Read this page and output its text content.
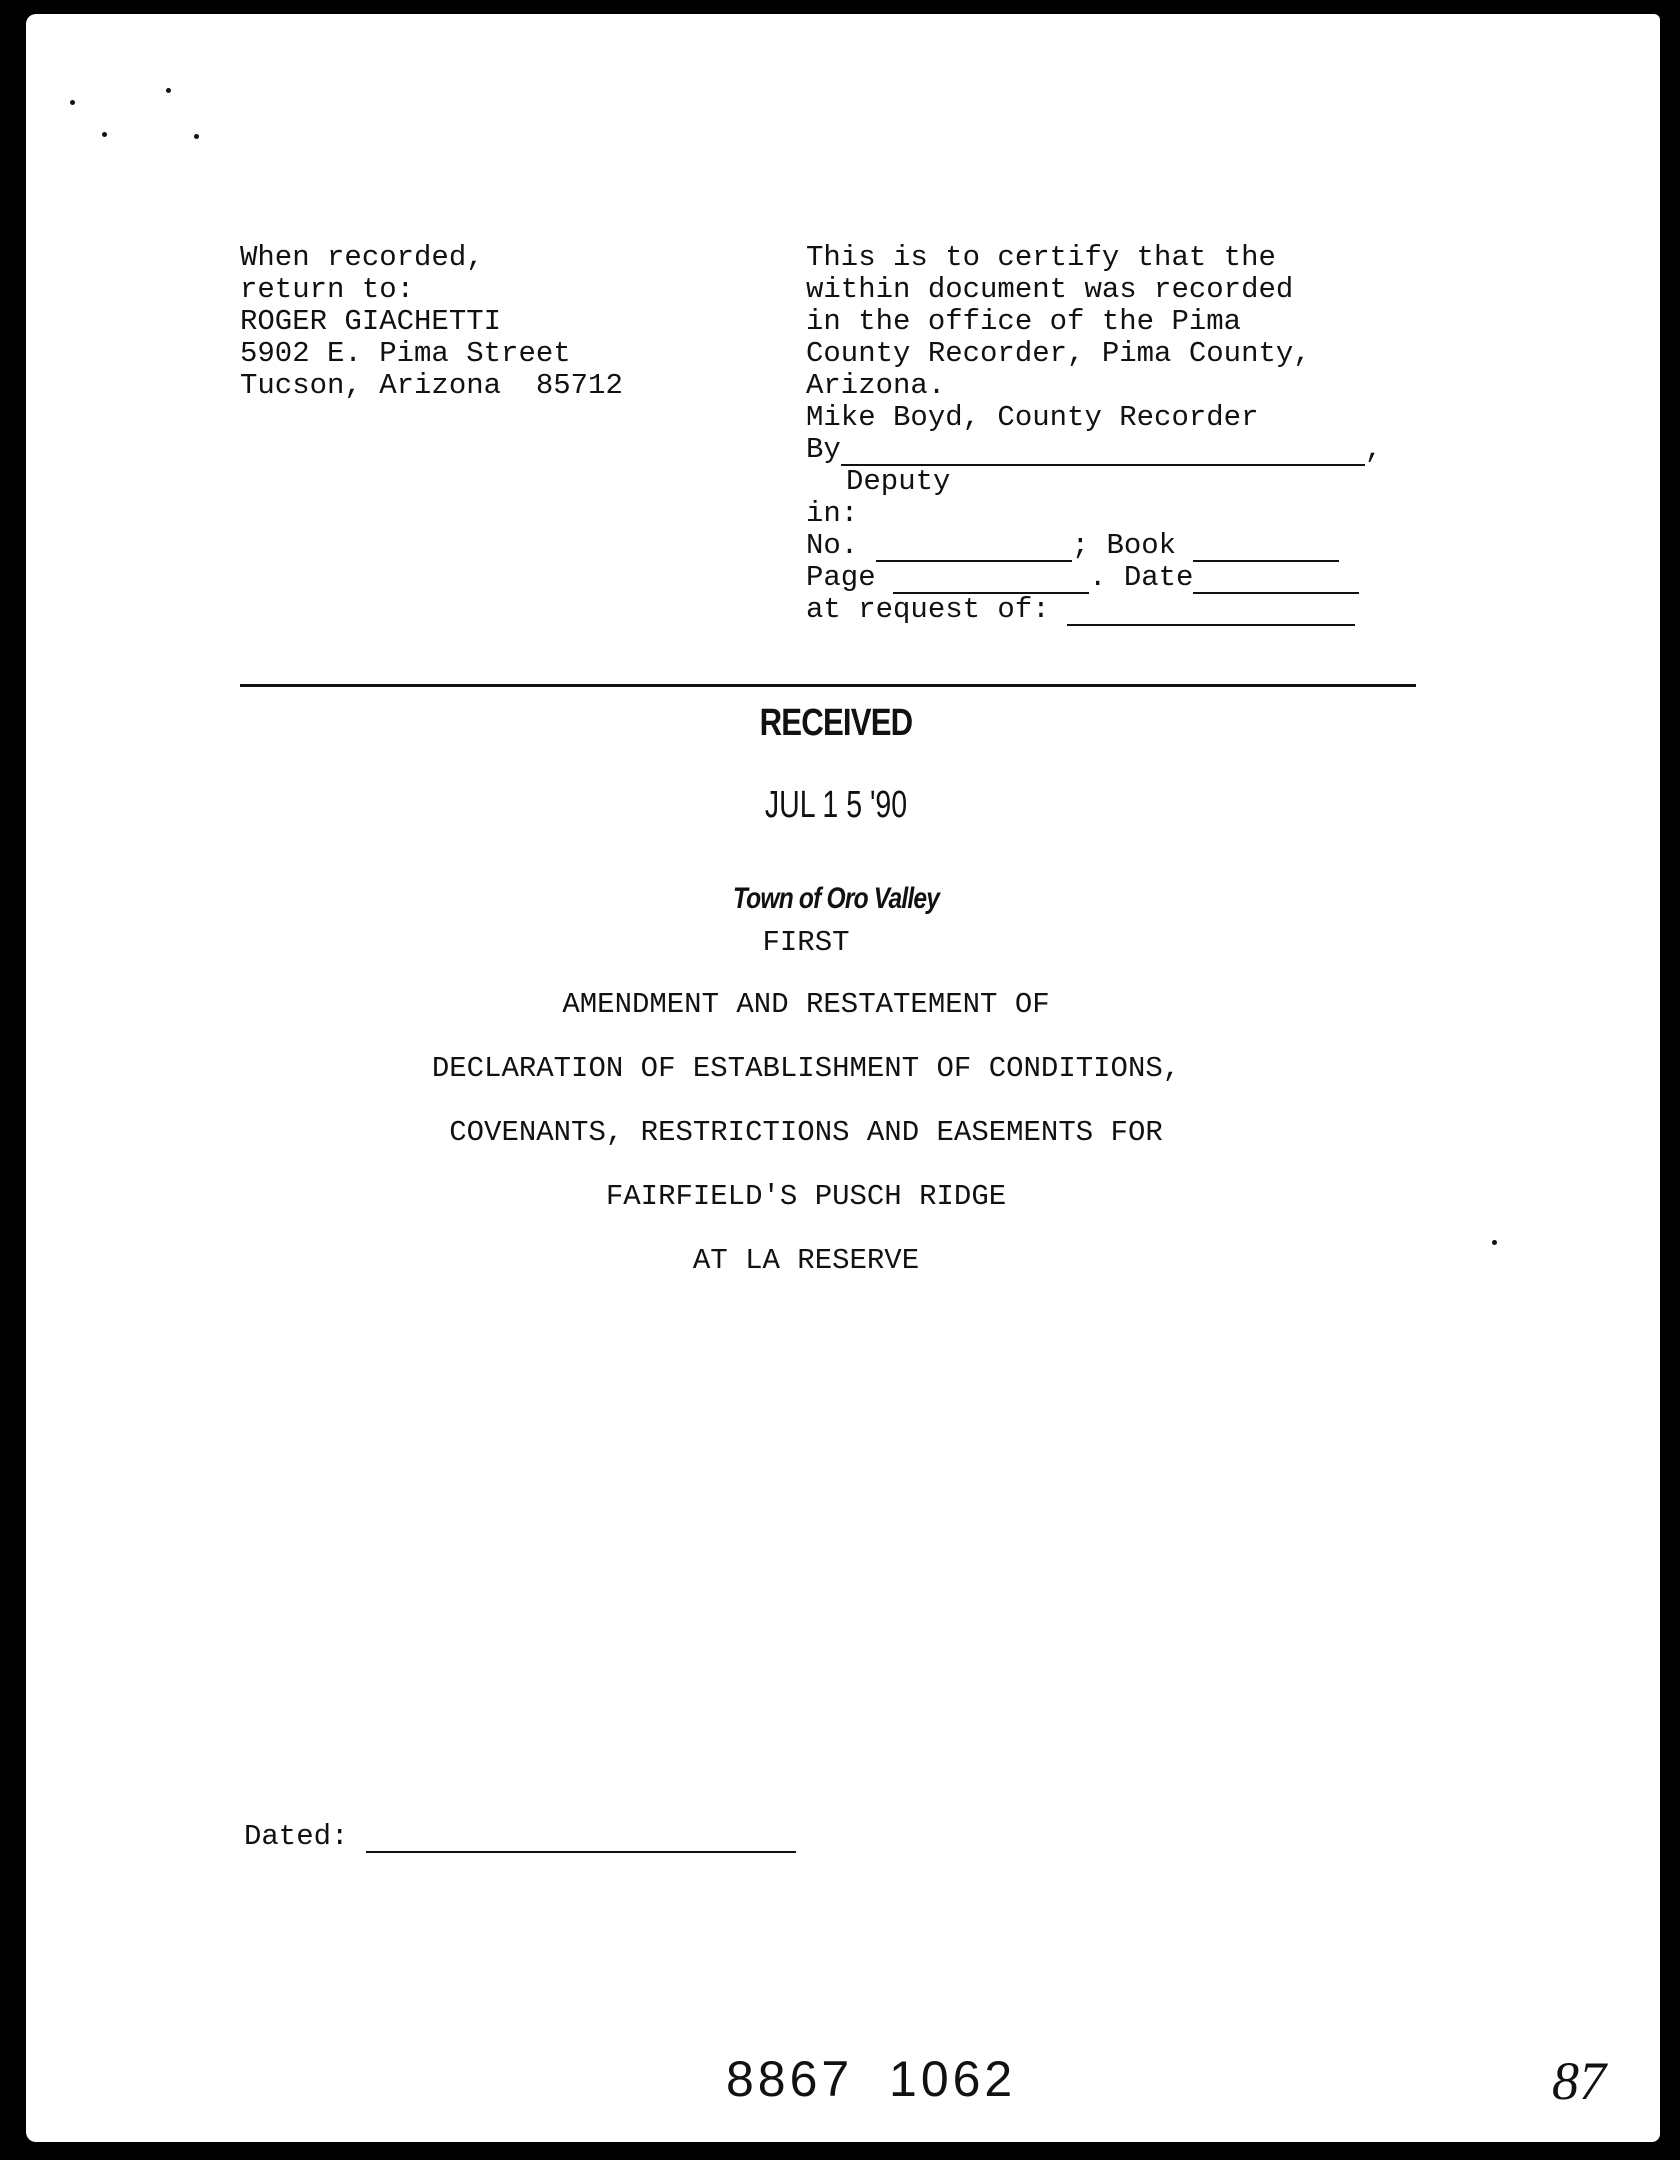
When recorded,
return to:
ROGER GIACHETTI
5902 E. Pima Street
Tucson, Arizona  85712
This is to certify that the
within document was recorded
in the office of the Pima
County Recorder, Pima County,
Arizona.
Mike Boyd, County Recorder
By	,
Deputy
in:
No.
	;
Book

Page
	.
Date
at request of:

RECEIVED
JUL 1 5 '90
Town of Oro Valley
FIRST
AMENDMENT AND RESTATEMENT OF
DECLARATION OF ESTABLISHMENT OF CONDITIONS,
COVENANTS, RESTRICTIONS AND EASEMENTS FOR
FAIRFIELD'S PUSCH RIDGE
AT LA RESERVE
Dated:

8867  1062	87
